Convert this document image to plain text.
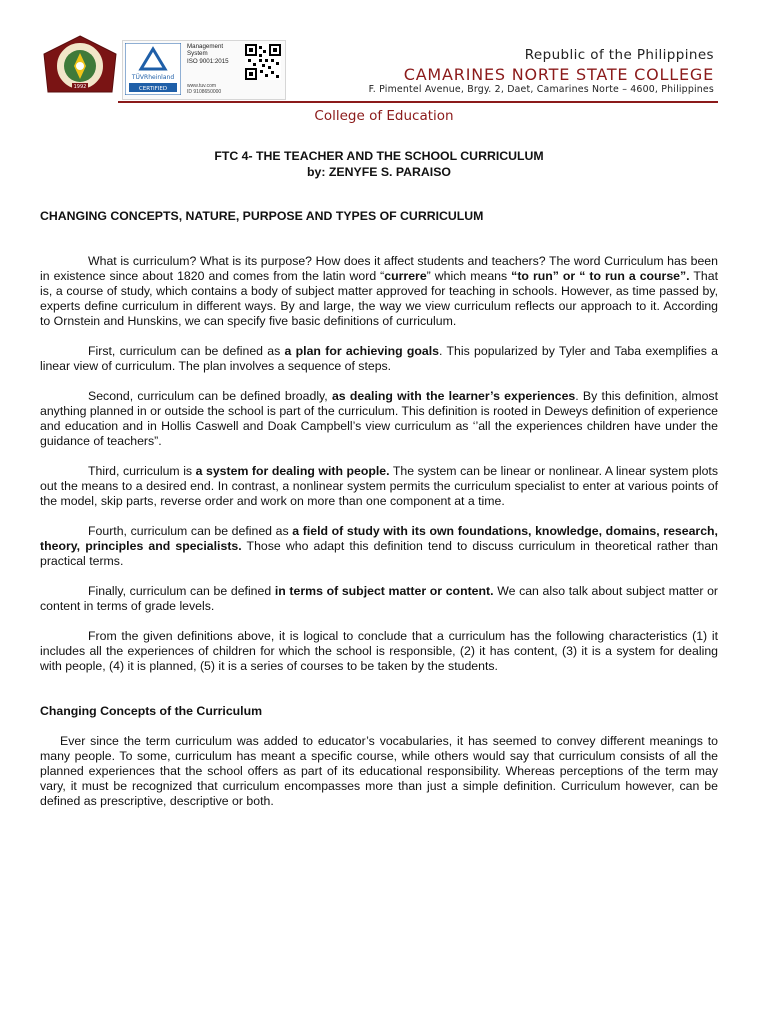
1992
TÜVRheinland
CERTIFIED
Management
System
ISO 9001:2015
www.tuv.com
ID 9108650000
Republic of the Philippines
CAMARINES NORTE STATE COLLEGE
F. Pimentel Avenue, Brgy. 2, Daet, Camarines Norte – 4600, Philippines
College of Education

FTC 4- THE TEACHER AND THE SCHOOL CURRICULUM

by: ZENYFE S. PARAISO

CHANGING CONCEPTS, NATURE, PURPOSE AND TYPES OF CURRICULUM

What is curriculum? What is its purpose? How does it affect students and teachers? The word Curriculum has been in existence since about 1820 and comes from the latin word “currere” which means “to run” or “ to run a course”. That is, a course of study, which contains a body of subject matter approved for teaching in schools. However, as time passed by, experts define curriculum in different ways. By and large, the way we view curriculum reflects our approach to it. According to Ornstein and Hunskins, we can specify five basic definitions of curriculum.

First, curriculum can be defined as a plan for achieving goals. This popularized by Tyler and Taba exemplifies a linear view of curriculum. The plan involves a sequence of steps.

Second, curriculum can be defined broadly, as dealing with the learner’s experiences. By this definition, almost anything planned in or outside the school is part of the curriculum. This definition is rooted in Deweys definition of experience and education and in Hollis Caswell and Doak Campbell’s view curriculum as ‘’all the experiences children have under the guidance of teachers”.

Third, curriculum is a system for dealing with people. The system can be linear or nonlinear. A linear system plots out the means to a desired end. In contrast, a nonlinear system permits the curriculum specialist to enter at various points of the model, skip parts, reverse order and work on more than one component at a time.

Fourth, curriculum can be defined as a field of study with its own foundations, knowledge, domains, research, theory, principles and specialists. Those who adapt this definition tend to discuss curriculum in theoretical rather than practical terms.

Finally, curriculum can be defined in terms of subject matter or content. We can also talk about subject matter or content in terms of grade levels.

From the given definitions above, it is logical to conclude that a curriculum has the following characteristics (1) it includes all the experiences of children for which the school is responsible, (2) it has content, (3) it is a system for dealing with people, (4) it is planned, (5) it is a series of courses to be taken by the students.

Changing Concepts of the Curriculum

Ever since the term curriculum was added to educator’s vocabularies, it has seemed to convey different meanings to many people. To some, curriculum has meant a specific course, while others would say that curriculum consists of all the planned experiences that the school offers as part of its educational responsibility. Whereas perceptions of the term may vary, it must be recognized that curriculum encompasses more than just a simple definition. Curriculum however, can be defined as prescriptive, descriptive or both.
